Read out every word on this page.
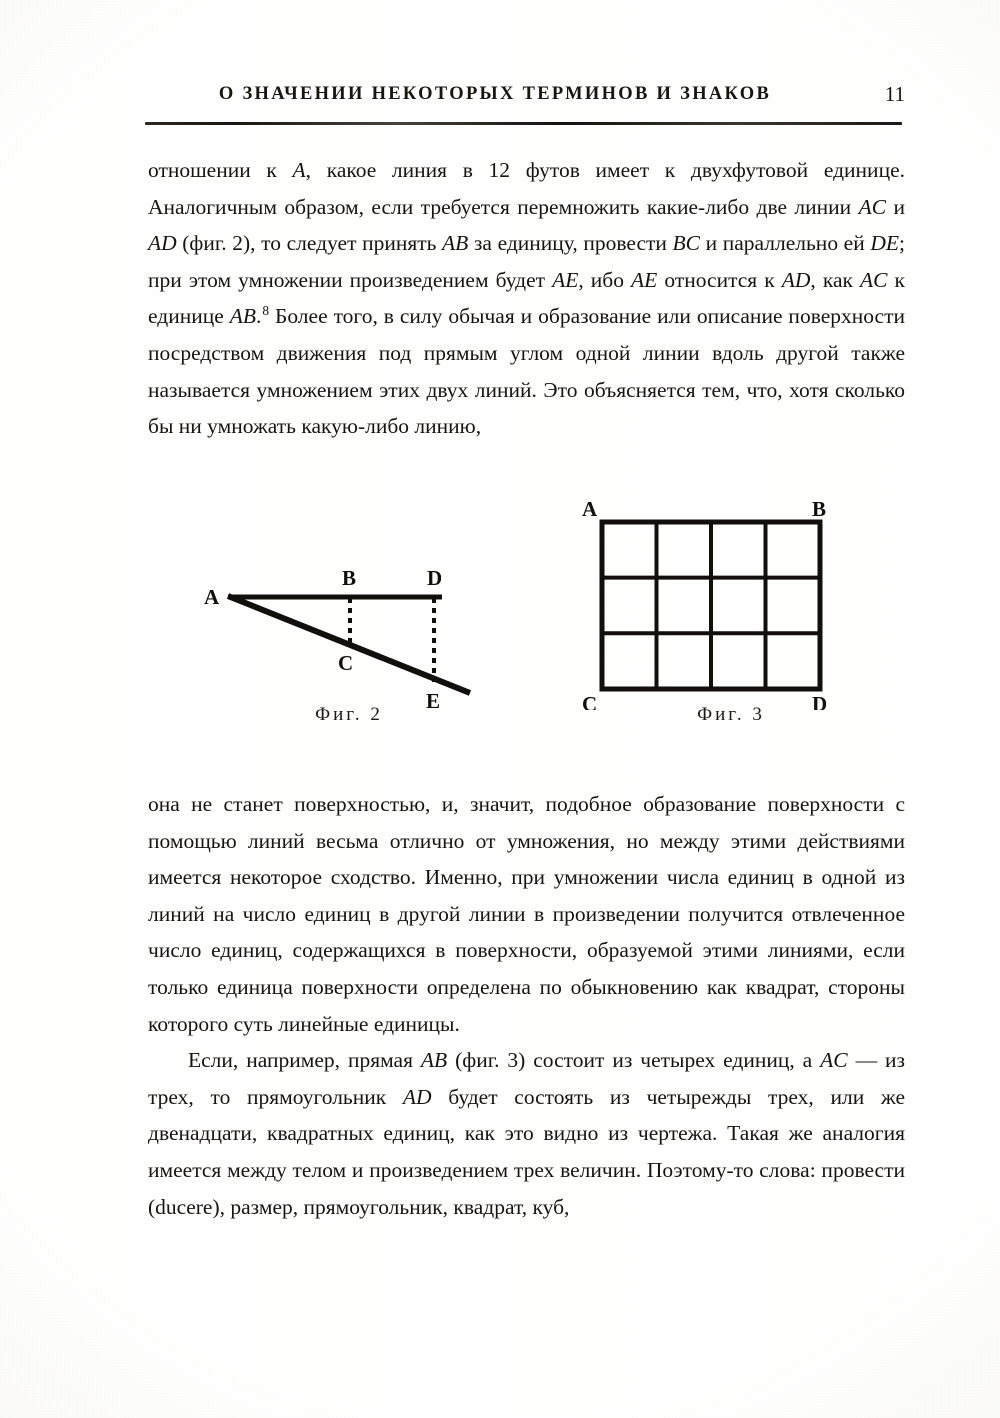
О ЗНАЧЕНИИ НЕКОТОРЫХ ТЕРМИНОВ И ЗНАКОВ	11

отношении к A, какое линия в 12 футов имеет к двухфутовой единице. Аналогичным образом, если требуется перемножить какие-либо две линии AC и AD (фиг. 2), то следует принять AB за единицу, провести BC и параллельно ей DE; при этом умножении произведением будет AE, ибо AE относится к AD, как AC к единице AB.$^8$ Более того, в силу обычая и образование или описание поверхности посредством движения под прямым углом одной линии вдоль другой также называется умножением этих двух линий. Это объясняется тем, что, хотя сколько бы ни умножать какую-либо линию,

A
B
C
D
E
Фиг. 2
A	B
C	D
Фиг. 3

она не станет поверхностью, и, значит, подобное образование поверхности с помощью линий весьма отлично от умножения, но между этими действиями имеется некоторое сходство. Именно, при умножении числа единиц в одной из линий на число единиц в другой линии в произведении получится отвлеченное число единиц, содержащихся в поверхности, образуемой этими линиями, если только единица поверхности определена по обыкновению как квадрат, стороны которого суть линейные единицы.

Если, например, прямая AB (фиг. 3) состоит из четырех единиц, а AC — из трех, то прямоугольник AD будет состоять из четырежды трех, или же двенадцати, квадратных единиц, как это видно из чертежа. Такая же аналогия имеется между телом и произведением трех величин. Поэтому-то слова: провести (ducere), размер, прямоугольник, квадрат, куб,
